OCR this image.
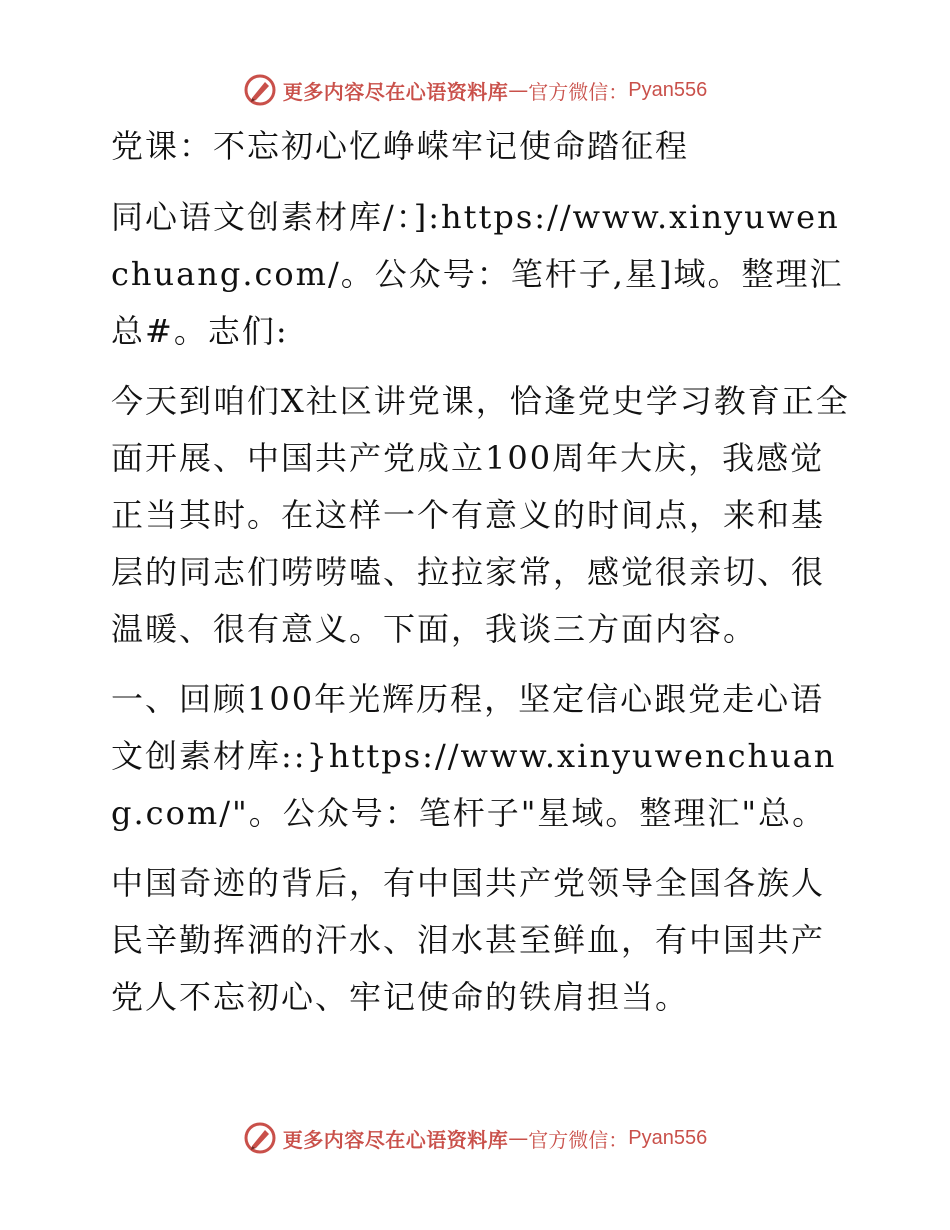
更多内容尽在心语资料库 — 官方微信： Pyan556

党课：不忘初心忆峥嵘牢记使命踏征程

同心语文创素材库/：]:https://www.xinyuwenchuang.com/。公众号：笔杆子,星]域。整理汇总#。志们:

今天到咱们X社区讲党课，恰逢党史学习教育正全面开展、中国共产党成立100周年大庆，我感觉正当其时。在这样一个有意义的时间点，来和基层的同志们唠唠嗑、拉拉家常，感觉很亲切、很温暖、很有意义。下面，我谈三方面内容。

一、回顾100年光辉历程，坚定信心跟党走心语文创素材库::}https://www.xinyuwenchuang.com/"。公众号：笔杆子"星域。整理汇"总。

中国奇迹的背后，有中国共产党领导全国各族人民辛勤挥洒的汗水、泪水甚至鲜血，有中国共产党人不忘初心、牢记使命的铁肩担当。

更多内容尽在心语资料库 — 官方微信： Pyan556
